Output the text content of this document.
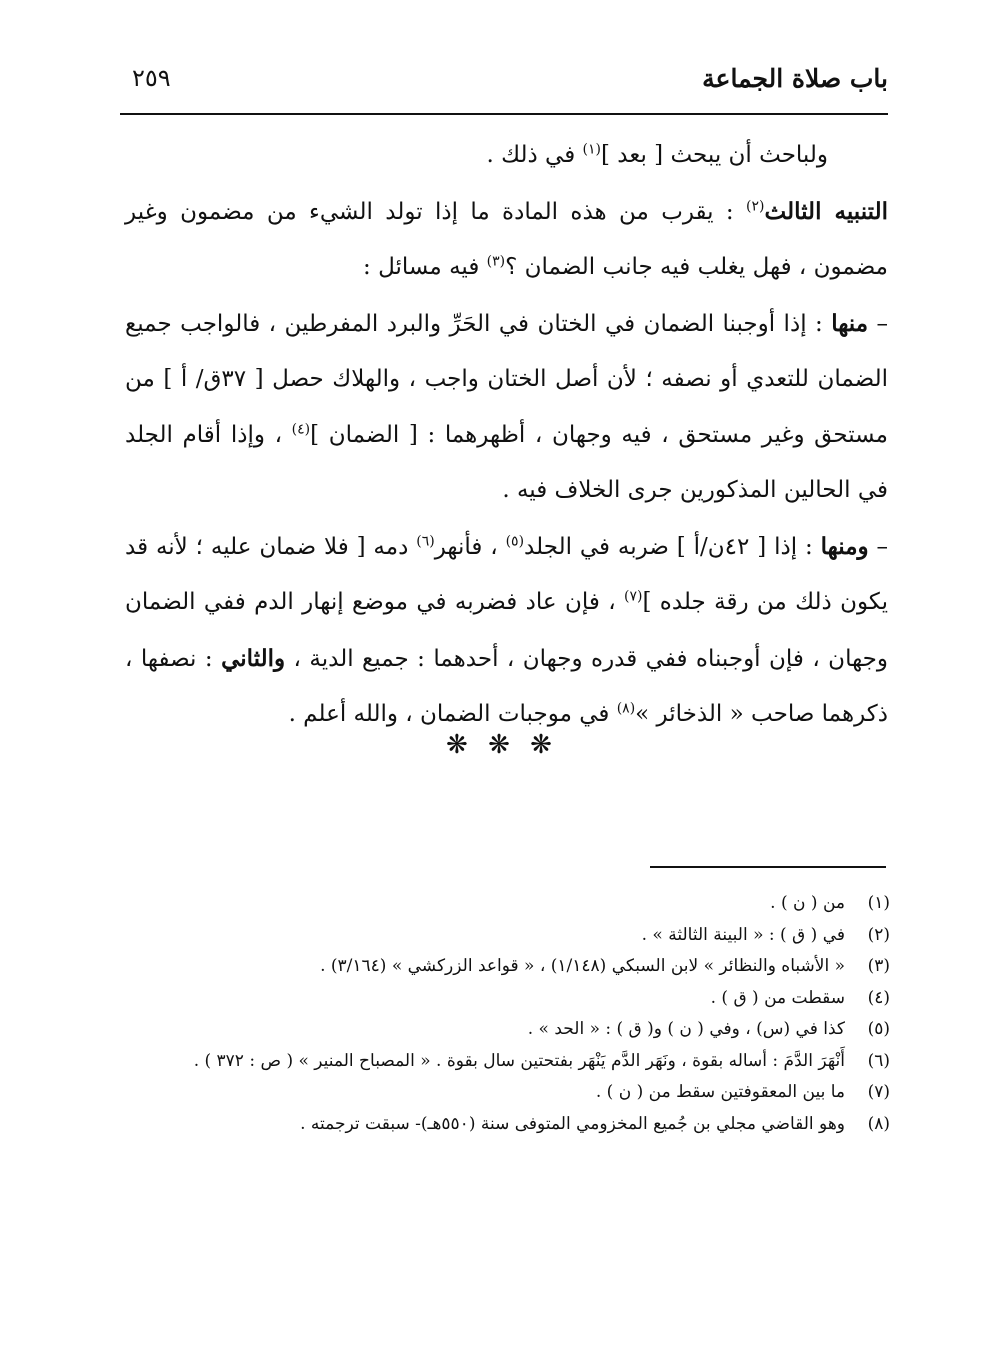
باب صلاة الجماعة
٢٥٩

ولباحث أن يبحث [ بعد ]$^{(١)}$ في ذلك .

التنبيه الثالث$^{(٢)}$ : يقرب من هذه المادة ما إذا تولد الشيء من مضمون وغير مضمون ، فهل يغلب فيه جانب الضمان ؟$^{(٣)}$ فيه مسائل :

– منها : إذا أوجبنا الضمان في الختان في الحَرِّ والبرد المفرطين ، فالواجب جميع الضمان للتعدي أو نصفه ؛ لأن أصل الختان واجب ، والهلاك حصل [ ٣٧ق/ أ ] من مستحق وغير مستحق ، فيه وجهان ، أظهرهما : [ الضمان ]$^{(٤)}$ ، وإذا أقام الجلد في الحالين المذكورين جرى الخلاف فيه .

– ومنها : إذا [ ٤٢ن/أ ] ضربه في الجلد$^{(٥)}$ ، فأنهر$^{(٦)}$ دمه [ فلا ضمان عليه ؛ لأنه قد يكون ذلك من رقة جلده ]$^{(٧)}$ ، فإن عاد فضربه في موضع إنهار الدم ففي الضمان وجهان ، فإن أوجبناه ففي قدره وجهان ، أحدهما : جميع الدية ، والثاني : نصفها ، ذكرهما صاحب « الذخائر »$^{(٨)}$ في موجبات الضمان ، والله أعلم .

❋ ❋ ❋
(١)
من ( ن ) .
(٢)
في ( ق ) : « البينة الثالثة » .
(٣)
« الأشباه والنظائر » لابن السبكي (١/١٤٨) ، « قواعد الزركشي » (٣/١٦٤) .
(٤)
سقطت من ( ق ) .
(٥)
كذا في (س) ، وفي ( ن ) و( ق ) : « الحد » .
(٦)
أَنْهَرَ الدَّمَ : أساله بقوة ، ونَهَر الدَّم يَنْهَر بفتحتين سال بقوة . « المصباح المنير » ( ص : ٣٧٢ ) .
(٧)
ما بين المعقوفتين سقط من ( ن ) .
(٨)
وهو القاضي مجلي بن جُميع المخزومي المتوفى سنة (٥٥٠هـ)- سبقت ترجمته .
